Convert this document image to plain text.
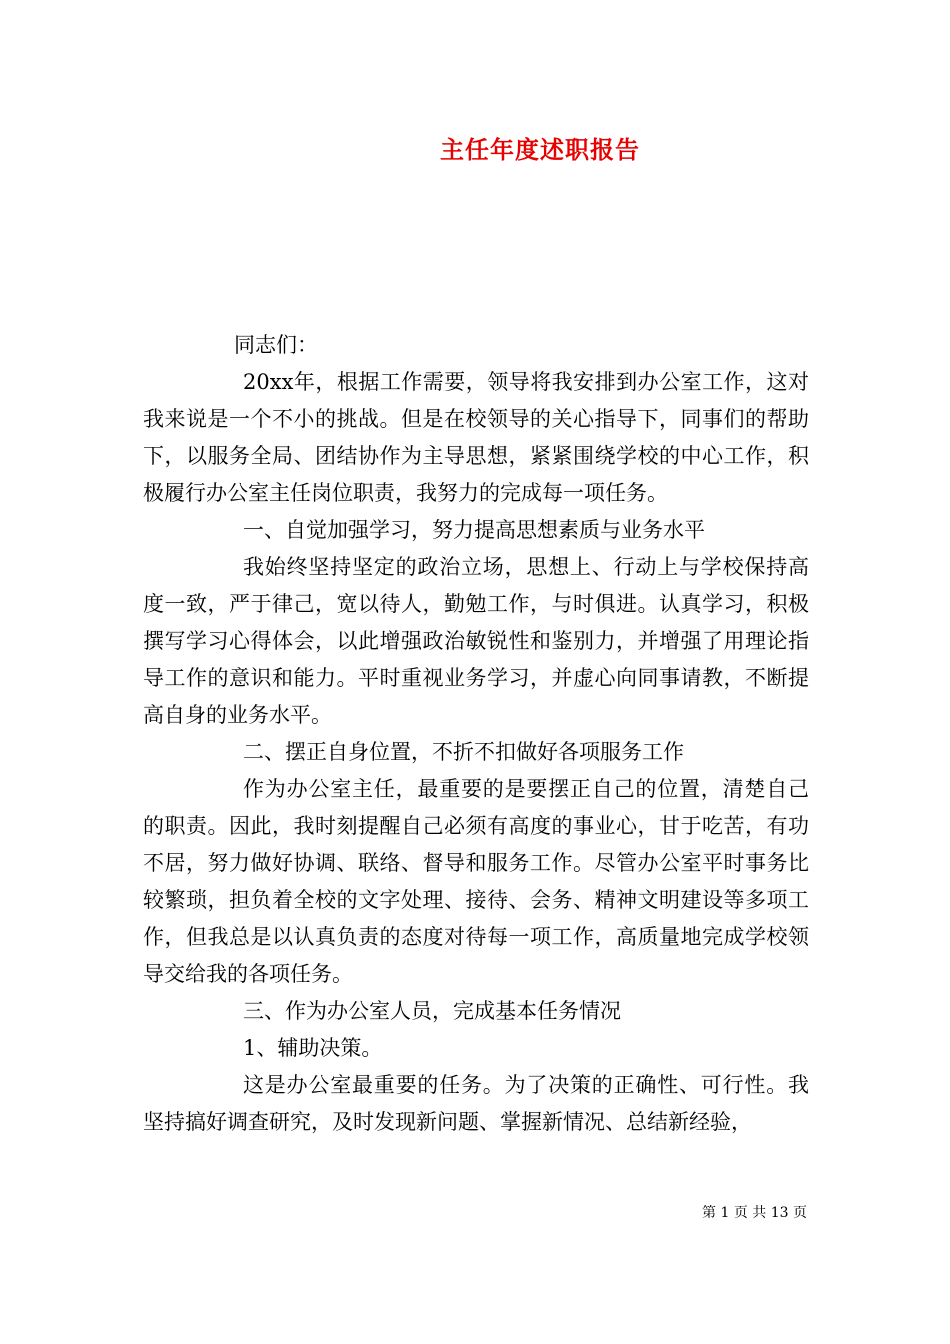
主任年度述职报告

同志们：

20xx年，根据工作需要，领导将我安排到办公室工作，这对我来说是一个不小的挑战。但是在校领导的关心指导下，同事们的帮助下，以服务全局、团结协作为主导思想，紧紧围绕学校的中心工作，积极履行办公室主任岗位职责，我努力的完成每一项任务。

一、自觉加强学习，努力提高思想素质与业务水平

我始终坚持坚定的政治立场，思想上、行动上与学校保持高度一致，严于律己，宽以待人，勤勉工作，与时俱进。认真学习，积极撰写学习心得体会，以此增强政治敏锐性和鉴别力，并增强了用理论指导工作的意识和能力。平时重视业务学习，并虚心向同事请教，不断提高自身的业务水平。

二、摆正自身位置，不折不扣做好各项服务工作

作为办公室主任，最重要的是要摆正自己的位置，清楚自己的职责。因此，我时刻提醒自己必须有高度的事业心，甘于吃苦，有功不居，努力做好协调、联络、督导和服务工作。尽管办公室平时事务比较繁琐，担负着全校的文字处理、接待、会务、精神文明建设等多项工作，但我总是以认真负责的态度对待每一项工作，高质量地完成学校领导交给我的各项任务。

三、作为办公室人员，完成基本任务情况

1、辅助决策。

这是办公室最重要的任务。为了决策的正确性、可行性。我坚持搞好调查研究，及时发现新问题、掌握新情况、总结新经验，

第 1 页 共 13 页
